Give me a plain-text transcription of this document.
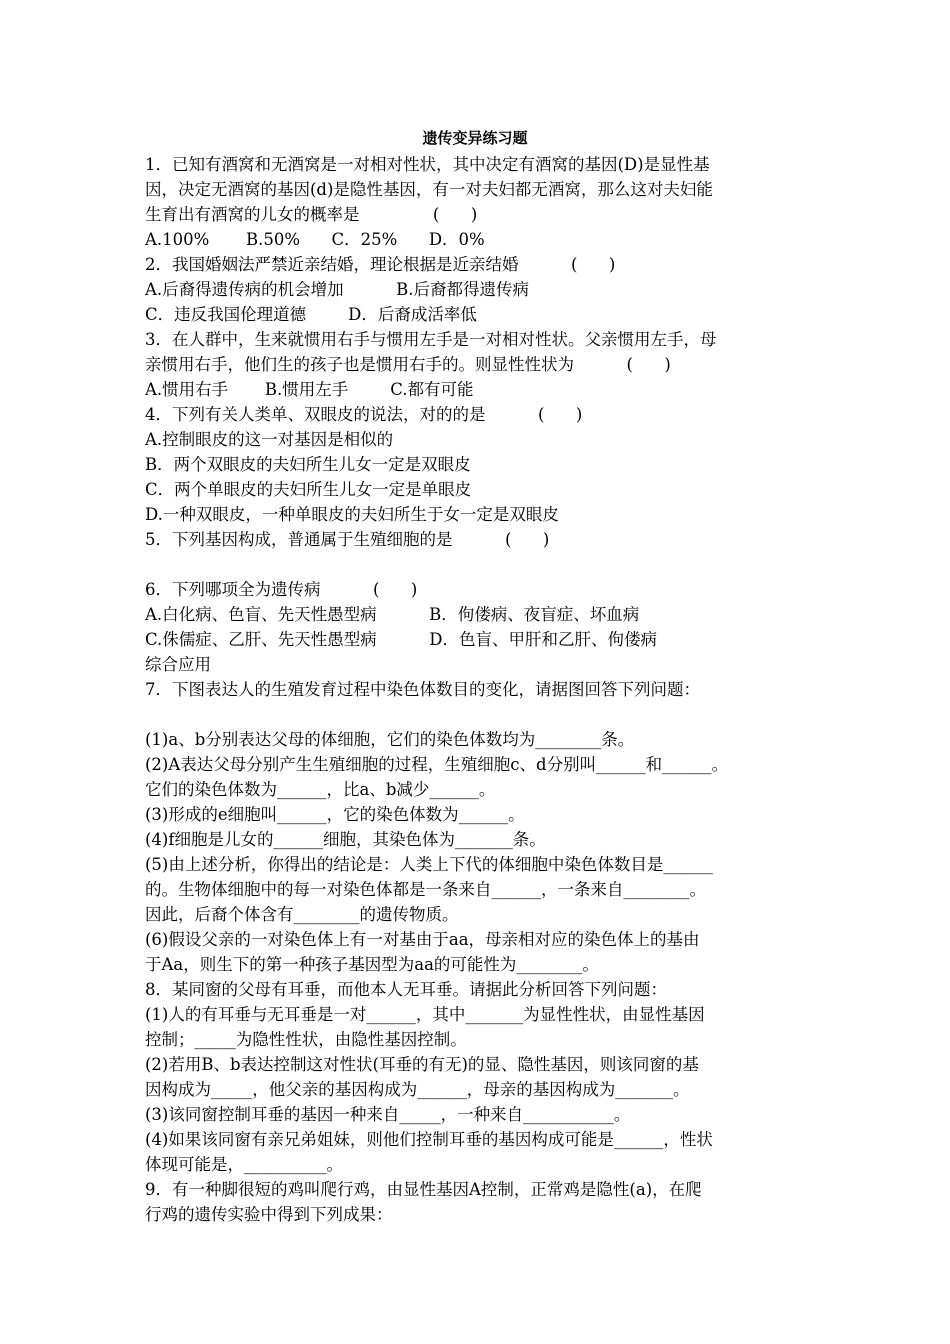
遗传变异练习题
1．已知有酒窝和无酒窝是一对相对性状，其中决定有酒窝的基因(D)是显性基
因，决定无酒窝的基因(d)是隐性基因，有一对夫妇都无酒窝，那么这对夫妇能
生育出有酒窝的儿女的概率是              (      )
A.100%       B.50%      C．25%      D．0%
2．我国婚姻法严禁近亲结婚，理论根据是近亲结婚          (      )
A.后裔得遗传病的机会增加          B.后裔都得遗传病
C．违反我国伦理道德        D．后裔成活率低
3．在人群中，生来就惯用右手与惯用左手是一对相对性状。父亲惯用左手，母
亲惯用右手，他们生的孩子也是惯用右手的。则显性性状为          (      )
A.惯用右手       B.惯用左手        C.都有可能
4．下列有关人类单、双眼皮的说法，对的的是          (      )
A.控制眼皮的这一对基因是相似的
B．两个双眼皮的夫妇所生儿女一定是双眼皮
C．两个单眼皮的夫妇所生儿女一定是单眼皮
D.一种双眼皮，一种单眼皮的夫妇所生于女一定是双眼皮
5．下列基因构成，普通属于生殖细胞的是          (      )
6．下列哪项全为遗传病          (      )
A.白化病、色盲、先天性愚型病          B．佝偻病、夜盲症、坏血病
C.侏儒症、乙肝、先天性愚型病          D．色盲、甲肝和乙肝、佝偻病
综合应用
7．下图表达人的生殖发育过程中染色体数目的变化，请据图回答下列问题：
(1)a、b分别表达父母的体细胞，它们的染色体数均为________条。
(2)A表达父母分别产生生殖细胞的过程，生殖细胞c、d分别叫______和______。
它们的染色体数为______，比a、b减少______。
(3)形成的e细胞叫______，它的染色体数为______。
(4)f细胞是儿女的______细胞，其染色体为_______条。
(5)由上述分析，你得出的结论是：人类上下代的体细胞中染色体数目是______
的。生物体细胞中的每一对染色体都是一条来自______，一条来自________。
因此，后裔个体含有________的遗传物质。
(6)假设父亲的一对染色体上有一对基由于aa，母亲相对应的染色体上的基由
于Aa，则生下的第一种孩子基因型为aa的可能性为________。
8．某同窗的父母有耳垂，而他本人无耳垂。请据此分析回答下列问题：
(1)人的有耳垂与无耳垂是一对______，其中_______为显性性状，由显性基因
控制；_____为隐性性状，由隐性基因控制。
(2)若用B、b表达控制这对性状(耳垂的有无)的显、隐性基因，则该同窗的基
因构成为_____，他父亲的基因构成为______，母亲的基因构成为_______。
(3)该同窗控制耳垂的基因一种来自_____，一种来自___________。
(4)如果该同窗有亲兄弟姐妹，则他们控制耳垂的基因构成可能是______，性状
体现可能是，__________。
9．有一种脚很短的鸡叫爬行鸡，由显性基因A控制，正常鸡是隐性(a)，在爬
行鸡的遗传实验中得到下列成果：
